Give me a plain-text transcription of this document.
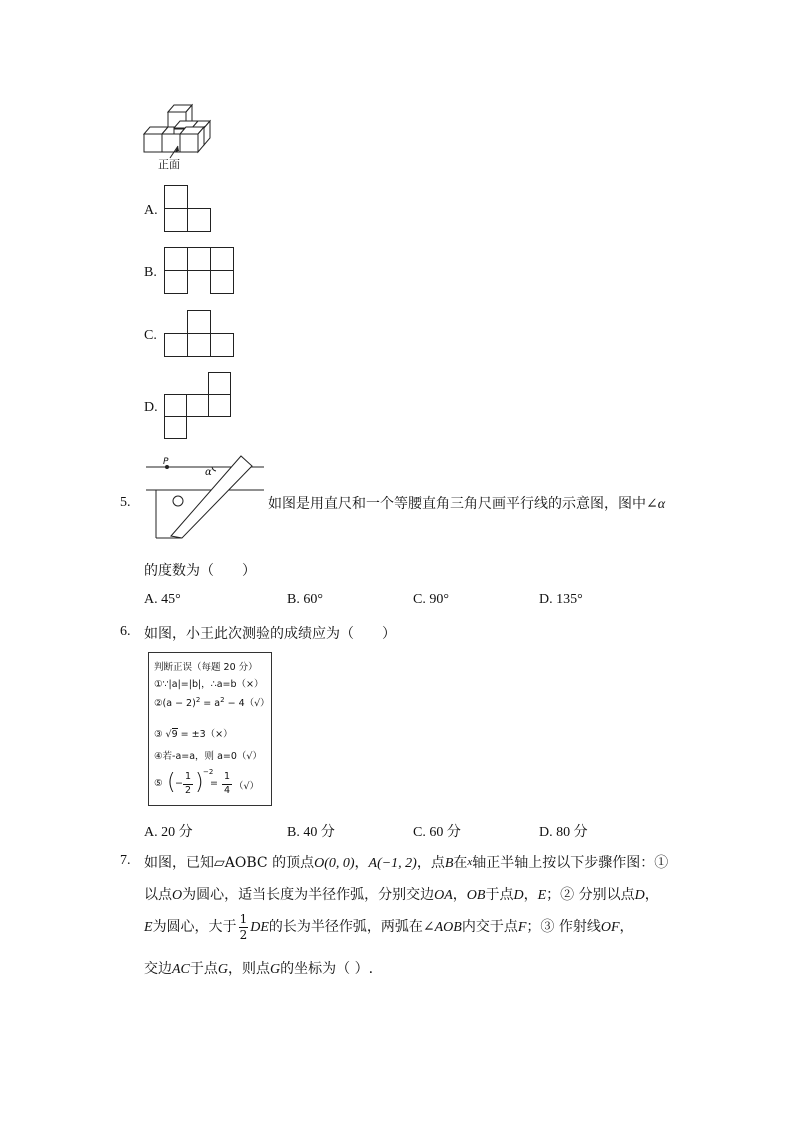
正面
A.
B.
C.
D.
5.
P
α
如图是用直尺和一个等腰直角三角尺画平行线的示意图，图中∠α
的度数为（　　）
A. 45°	B. 60°	C. 90°	D. 135°
6. 如图，小王此次测验的成绩应为（　　）
判断正误（每题 20 分）
①∵|a|=|b|，∴a=b（×）
②(a − $2)^2 = a^2 - 4(√)$
③ √9 = ±3（×）
④若-a=a，则 a=0（√）
⑤ ( −
1
2 ) −2
=
1
4 （√）
A. 20 分	B. 40 分	C. 60 分	D. 80 分
7. 如图，已知▱AOBC 的顶点O(0, 0)，A(−1, 2)，点B在x轴正半轴上按以下步骤作图：①
以点O为圆心，适当长度为半径作弧，分别交边OA，OB于点D，E；② 分别以点D，
E为圆心，大于 $\frac{1}{2}$ DE的长为半径作弧，两弧在∠AOB内交于点F；③ 作射线OF，
交边AC于点G，则点G的坐标为（ ）.
